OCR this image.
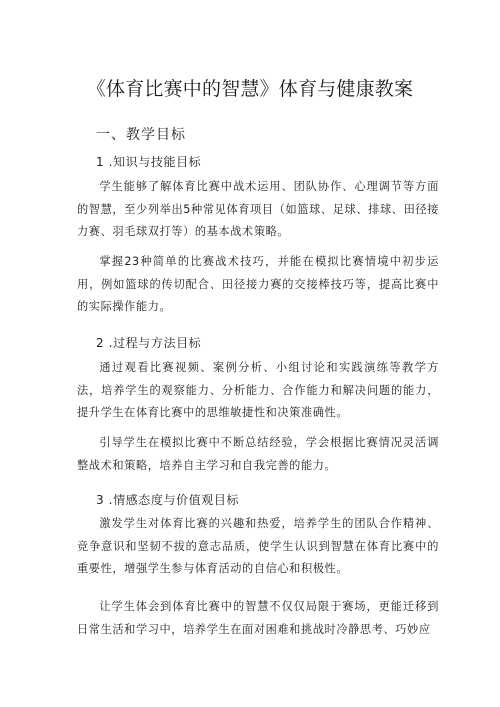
《体育比赛中的智慧》体育与健康教案
一、教学目标
1 .知识与技能目标
学生能够了解体育比赛中战术运用、团队协作、心理调节等方面的智慧，至少列举出5种常见体育项目（如篮球、足球、排球、田径接力赛、羽毛球双打等）的基本战术策略。
掌握23种简单的比赛战术技巧，并能在模拟比赛情境中初步运用，例如篮球的传切配合、田径接力赛的交接棒技巧等，提高比赛中的实际操作能力。
2 .过程与方法目标
通过观看比赛视频、案例分析、小组讨论和实践演练等教学方法，培养学生的观察能力、分析能力、合作能力和解决问题的能力，提升学生在体育比赛中的思维敏捷性和决策准确性。
引导学生在模拟比赛中不断总结经验，学会根据比赛情况灵活调整战术和策略，培养自主学习和自我完善的能力。
3 .情感态度与价值观目标
激发学生对体育比赛的兴趣和热爱，培养学生的团队合作精神、竞争意识和坚韧不拔的意志品质，使学生认识到智慧在体育比赛中的重要性，增强学生参与体育活动的自信心和积极性。
让学生体会到体育比赛中的智慧不仅仅局限于赛场，更能迁移到日常生活和学习中，培养学生在面对困难和挑战时冷静思考、巧妙应
